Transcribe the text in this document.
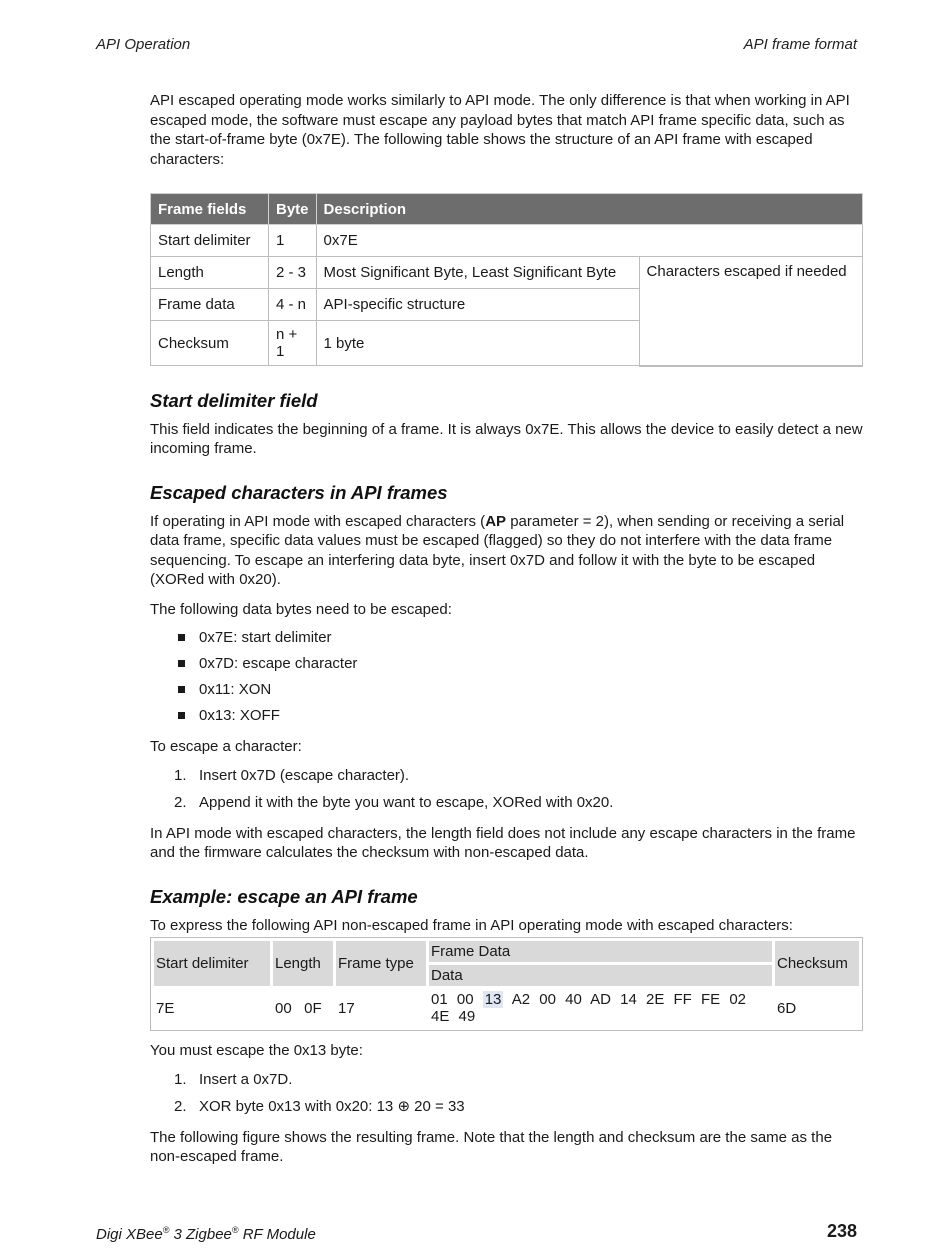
API Operation	API frame format

API escaped operating mode works similarly to API mode. The only difference is that when working in API escaped mode, the software must escape any payload bytes that match API frame specific data, such as the start-of-frame byte (0x7E). The following table shows the structure of an API frame with escaped characters:

Frame fields	Byte	Description	
Start delimiter	1	0x7E	
Length	2 - 3	Most Significant Byte, Least Significant Byte	Characters escaped if needed
Frame data	4 - n	API-specific structure	
Checksum	n + 1	1 byte	
Start delimiter field

This field indicates the beginning of a frame. It is always 0x7E. This allows the device to easily detect a new incoming frame.

Escaped characters in API frames

If operating in API mode with escaped characters (AP parameter = 2), when sending or receiving a serial data frame, specific data values must be escaped (flagged) so they do not interfere with the data frame sequencing. To escape an interfering data byte, insert 0x7D and follow it with the byte to be escaped (XORed with 0x20).

The following data bytes need to be escaped:

0x7E: start delimiter
0x7D: escape character
0x11: XON
0x13: XOFF

To escape a character:

1. Insert 0x7D (escape character).
2. Append it with the byte you want to escape, XORed with 0x20.

In API mode with escaped characters, the length field does not include any escape characters in the frame and the firmware calculates the checksum with non-escaped data.

Example: escape an API frame

To express the following API non-escaped frame in API operating mode with escaped characters:

Start delimiter	Length	Frame type	Frame Data	Checksum
			Data	
7E	00   0F	17	01 00 13 A2 00 40 AD 14 2E FF FE 02 4E 49	6D

You must escape the 0x13 byte:

1. Insert a 0x7D.
2. XOR byte 0x13 with 0x20: 13 ⊕ 20 = 33

The following figure shows the resulting frame. Note that the length and checksum are the same as the non-escaped frame.

Digi XBee® 3 Zigbee® RF Module	238
